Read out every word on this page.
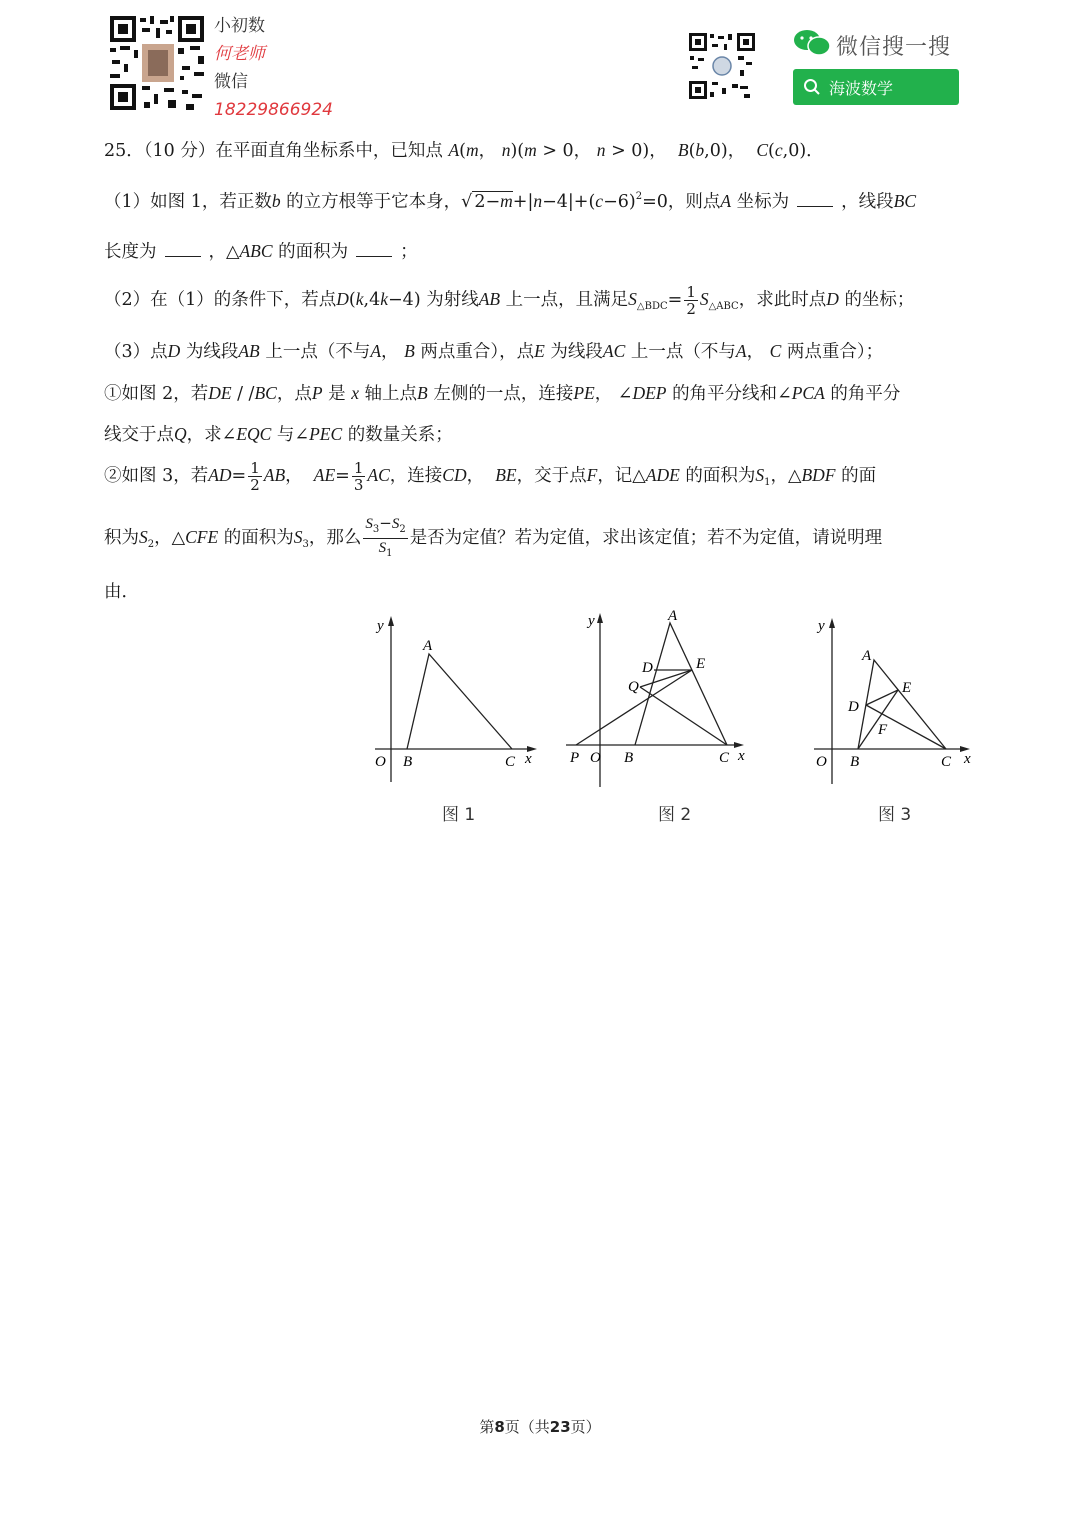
小初数
何老师
微信
18229866924
微信搜一搜
海波数学
25．（10 分）在平面直角坐标系中，已知点 A(m， n)(m > 0， n > 0)，  B(b,0)，  C(c,0)．
（1）如图 1，若正数b 的立方根等于它本身，√ $2-m+|n-4|+(c-6)^2=0$，则点A 坐标为	，线段BC
长度为	，△ABC 的面积为	；
（2）在（1）的条件下，若点D(k,4k−4) 为射线AB 上一点，且满足$S_{\triangle BDC}= \frac{1}{2} S_{\triangle ABC}$，求此时点D 的坐标；
（3）点D 为线段AB 上一点（不与A， B 两点重合），点E 为线段AC 上一点（不与A， C 两点重合）；
①如图 2，若DE / /BC，点P 是 x 轴上点B 左侧的一点，连接PE， ∠DEP 的角平分线和∠PCA 的角平分
线交于点Q，求∠EQC 与∠PEC 的数量关系；
②如图 3，若$AD= \frac{1}{2}$ AB，  $AE= \frac{1}{3}$ AC，连接CD，  BE，交于点F，记△ADE 的面积为$S_1$，△BDF 的面
积为$S_2$，△CFE 的面积为$S_3$，那么 $\frac{S_3-S_2}{S_1}$ 是否为定值？若为定值，求出该定值；若不为定值，请说明理
由．
y
x
O B	C
A
图 1
y
x
P O B	C
A
D	E
Q
图 2
y
x
O B	C
A
D
E
F
图 3
第8页（共23页）
